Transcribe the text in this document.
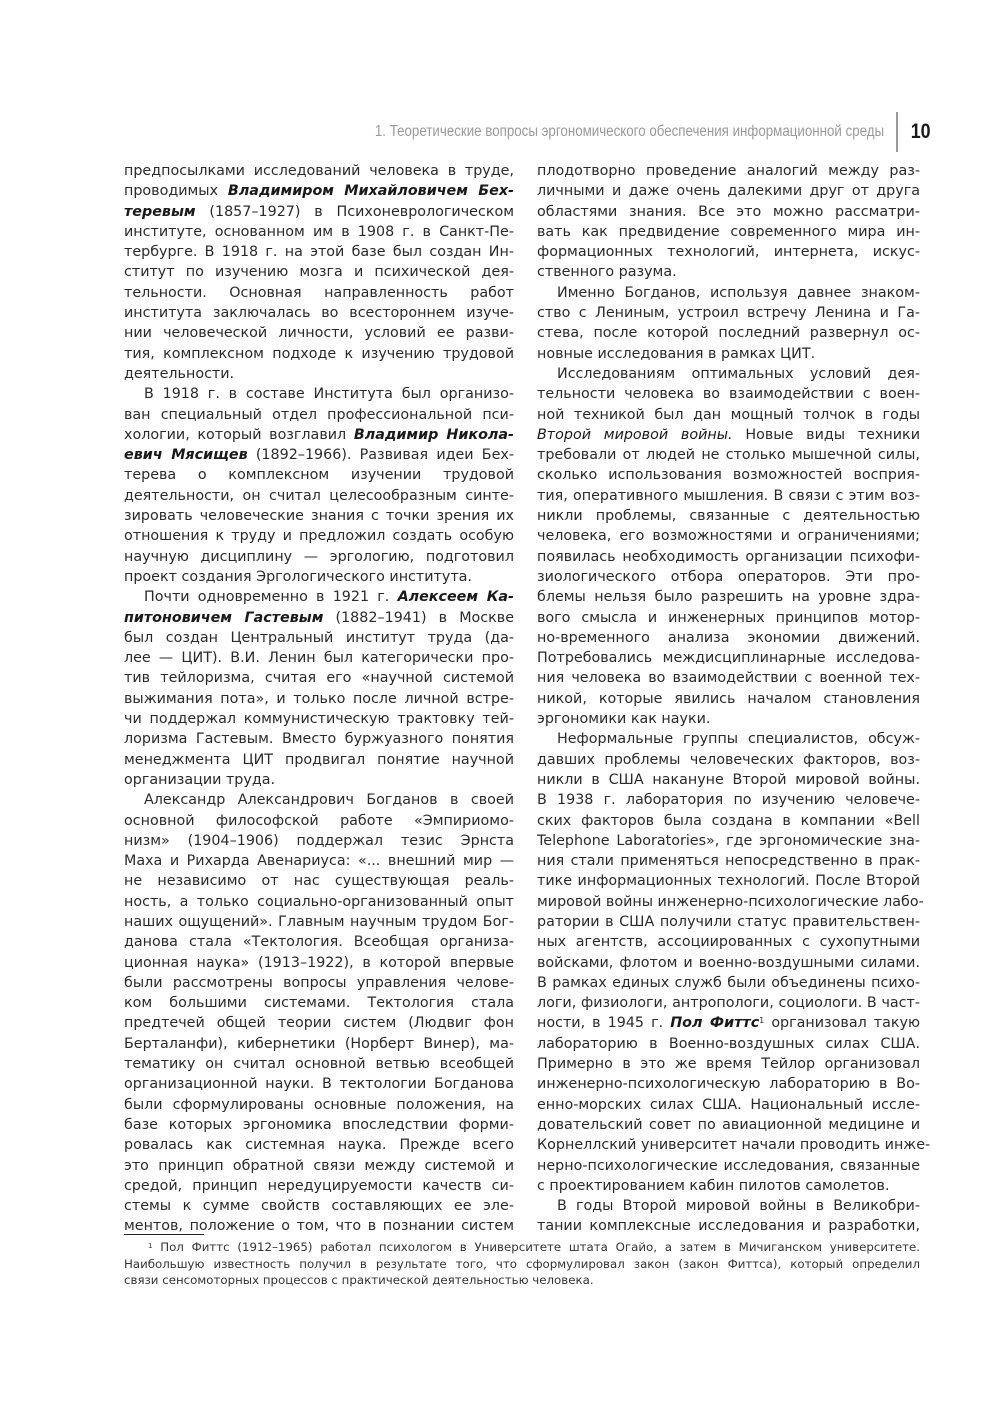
1. Теоретические вопросы эргономического обеспечения информационной среды 10
предпосылками исследований человека в труде,
проводимых Владимиром Михайловичем Бех-
теревым (1857–1927) в Психоневрологическом
институте, основанном им в 1908 г. в Санкт-Пе-
тербурге. В 1918 г. на этой базе был создан Ин-
ститут по изучению мозга и психической дея-
тельности. Основная направленность работ
института заключалась во всестороннем изуче-
нии человеческой личности, условий ее разви-
тия, комплексном подходе к изучению трудовой
деятельности.
В 1918 г. в составе Института был организо-
ван специальный отдел профессиональной пси-
хологии, который возглавил Владимир Никола-
евич Мясищев (1892–1966). Развивая идеи Бех-
терева о комплексном изучении трудовой
деятельности, он считал целесообразным синте-
зировать человеческие знания с точки зрения их
отношения к труду и предложил создать особую
научную дисциплину — эргологию, подготовил
проект создания Эргологического института.
Почти одновременно в 1921 г. Алексеем Ка-
питоновичем Гастевым (1882–1941) в Москве
был создан Центральный институт труда (да-
лее — ЦИТ). В.И. Ленин был категорически про-
тив тейлоризма, считая его «научной системой
выжимания пота», и только после личной встре-
чи поддержал коммунистическую трактовку тей-
лоризма Гастевым. Вместо буржуазного понятия
менеджмента ЦИТ продвигал понятие научной
организации труда.
Александр Александрович Богданов в своей
основной философской работе «Эмпириомо-
низм» (1904–1906) поддержал тезис Эрнста
Маха и Рихарда Авенариуса: «... внешний мир —
не независимо от нас существующая реаль-
ность, а только социально-организованный опыт
наших ощущений». Главным научным трудом Бог-
данова стала «Тектология. Всеобщая организа-
ционная наука» (1913–1922), в которой впервые
были рассмотрены вопросы управления челове-
ком большими системами. Тектология стала
предтечей общей теории систем (Людвиг фон
Берталанфи), кибернетики (Норберт Винер), ма-
тематику он считал основной ветвью всеобщей
организационной науки. В тектологии Богданова
были сформулированы основные положения, на
базе которых эргономика впоследствии форми-
ровалась как системная наука. Прежде всего
это принцип обратной связи между системой и
средой, принцип нередуцируемости качеств си-
стемы к сумме свойств составляющих ее эле-
ментов, положение о том, что в познании систем
плодотворно проведение аналогий между раз-
личными и даже очень далекими друг от друга
областями знания. Все это можно рассматри-
вать как предвидение современного мира ин-
формационных технологий, интернета, искус-
ственного разума.
Именно Богданов, используя давнее знаком-
ство с Лениным, устроил встречу Ленина и Га-
стева, после которой последний развернул ос-
новные исследования в рамках ЦИТ.
Исследованиям оптимальных условий дея-
тельности человека во взаимодействии с воен-
ной техникой был дан мощный толчок в годы
Второй мировой войны. Новые виды техники
требовали от людей не столько мышечной силы,
сколько использования возможностей восприя-
тия, оперативного мышления. В связи с этим воз-
никли проблемы, связанные с деятельностью
человека, его возможностями и ограничениями;
появилась необходимость организации психофи-
зиологического отбора операторов. Эти про-
блемы нельзя было разрешить на уровне здра-
вого смысла и инженерных принципов мотор-
но-временного анализа экономии движений.
Потребовались междисциплинарные исследова-
ния человека во взаимодействии с военной тех-
никой, которые явились началом становления
эргономики как науки.
Неформальные группы специалистов, обсуж-
давших проблемы человеческих факторов, воз-
никли в США накануне Второй мировой войны.
В 1938 г. лаборатория по изучению человече-
ских факторов была создана в компании «Bell
Telephone Laboratories», где эргономические зна-
ния стали применяться непосредственно в прак-
тике информационных технологий. После Второй
мировой войны инженерно-психологические лабо-
ратории в США получили статус правительствен-
ных агентств, ассоциированных с сухопутными
войсками, флотом и военно-воздушными силами.
В рамках единых служб были объединены психо-
логи, физиологи, антропологи, социологи. В част-
ности, в 1945 г. Пол Фиттс$^1$ организовал такую
лабораторию в Военно-воздушных силах США.
Примерно в это же время Тейлор организовал
инженерно-психологическую лабораторию в Во-
енно-морских силах США. Национальный иссле-
довательский совет по авиационной медицине и
Корнеллский университет начали проводить инже-
нерно-психологические исследования, связанные
с проектированием кабин пилотов самолетов.
В годы Второй мировой войны в Великобри-
тании комплексные исследования и разработки,
$^1$ Пол Фиттс (1912–1965) работал психологом в Университете штата Огайо, а затем в Мичиганском университете.
Наибольшую известность получил в результате того, что сформулировал закон (закон Фиттса), который определил
связи сенсомоторных процессов с практической деятельностью человека.
